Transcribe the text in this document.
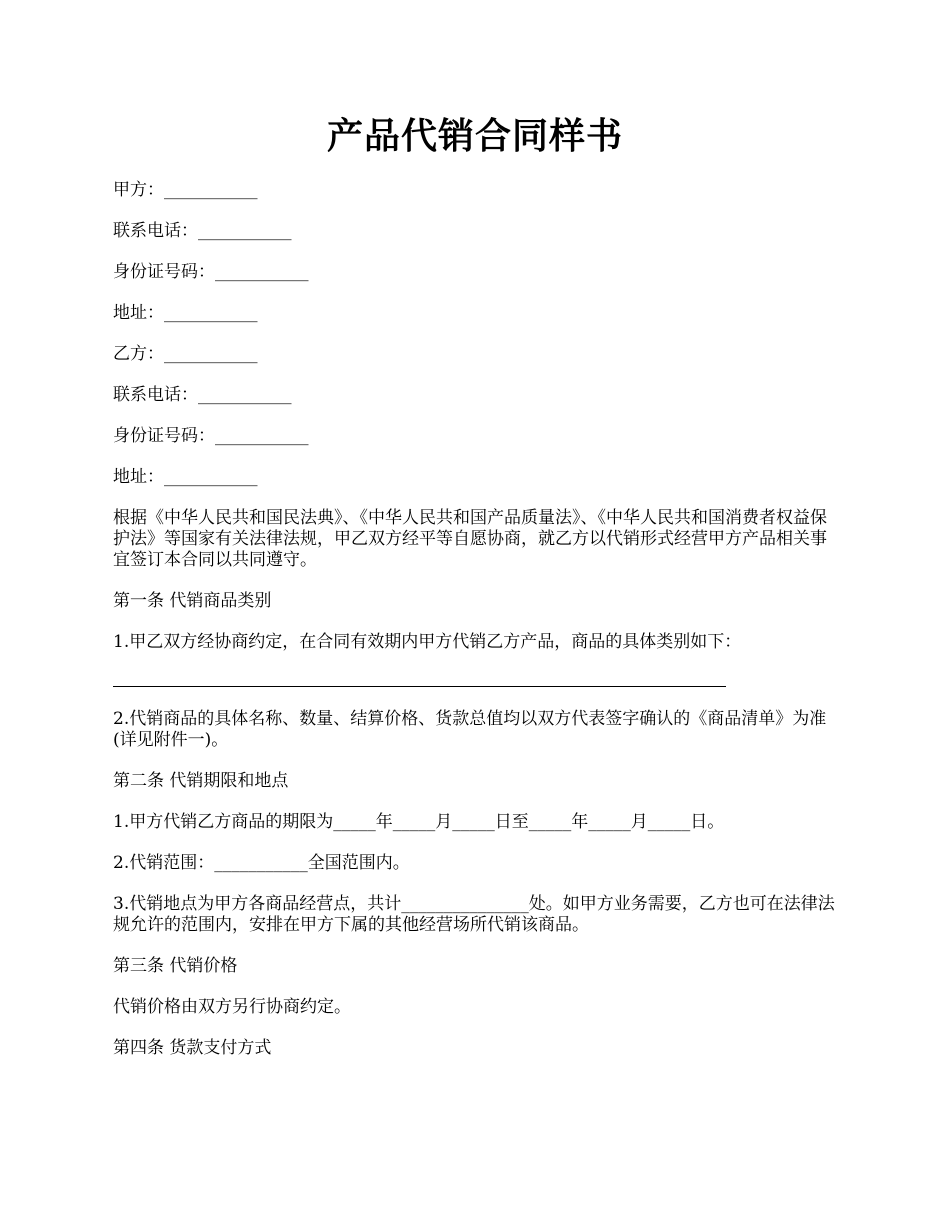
产品代销合同样书
甲方：___________
联系电话：___________
身份证号码：___________
地址：___________
乙方：___________
联系电话：___________
身份证号码：___________
地址：___________
根据《中华人民共和国民法典》、《中华人民共和国产品质量法》、《中华人民共和国消费者权益保护法》等国家有关法律法规，甲乙双方经平等自愿协商，就乙方以代销形式经营甲方产品相关事宜签订本合同以共同遵守。
第一条 代销商品类别
1.甲乙双方经协商约定，在合同有效期内甲方代销乙方产品，商品的具体类别如下：
2.代销商品的具体名称、数量、结算价格、货款总值均以双方代表签字确认的《商品清单》为准(详见附件一)。
第二条 代销期限和地点
1.甲方代销乙方商品的期限为_____年_____月_____日至_____年_____月_____日。
2.代销范围：___________全国范围内。
3.代销地点为甲方各商品经营点，共计_______________处。如甲方业务需要，乙方也可在法律法规允许的范围内，安排在甲方下属的其他经营场所代销该商品。
第三条 代销价格
代销价格由双方另行协商约定。
第四条 货款支付方式
